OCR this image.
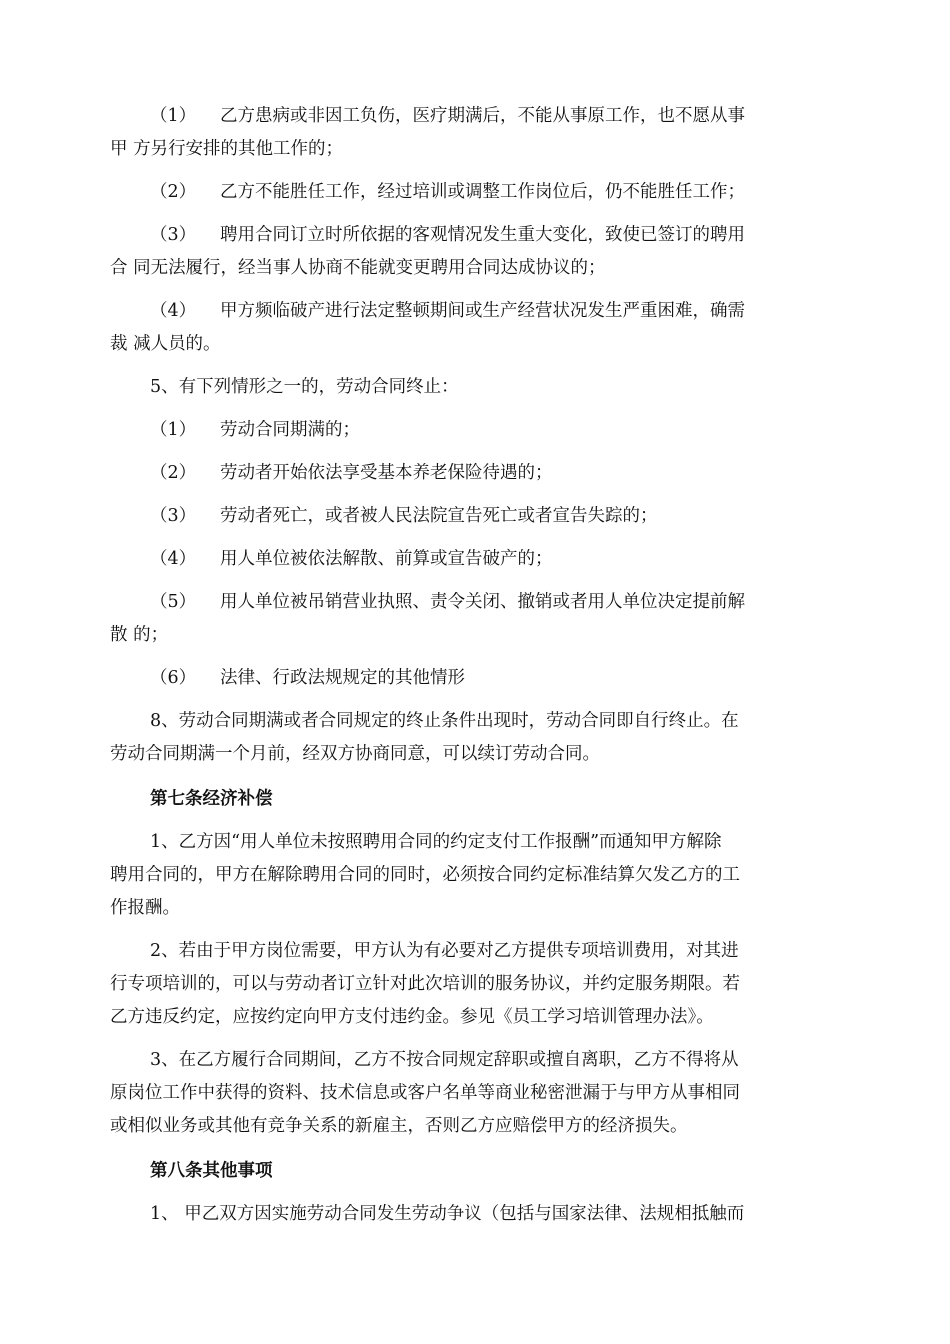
（1） 乙方患病或非因工负伤，医疗期满后，不能从事原工作，也不愿从事
甲 方另行安排的其他工作的；
（2） 乙方不能胜任工作，经过培训或调整工作岗位后，仍不能胜任工作；
（3） 聘用合同订立时所依据的客观情况发生重大变化，致使已签订的聘用
合 同无法履行，经当事人协商不能就变更聘用合同达成协议的；
（4） 甲方频临破产进行法定整顿期间或生产经营状况发生严重困难，确需
裁 减人员的。

5、有下列情形之一的，劳动合同终止：

（1） 劳动合同期满的；
（2） 劳动者开始依法享受基本养老保险待遇的；
（3） 劳动者死亡，或者被人民法院宣告死亡或者宣告失踪的；
（4） 用人单位被依法解散、前算或宣告破产的；
（5） 用人单位被吊销营业执照、责令关闭、撤销或者用人单位决定提前解
散 的；
（6） 法律、行政法规规定的其他情形
8、劳动合同期满或者合同规定的终止条件出现时，劳动合同即自行终止。在
劳动合同期满一个月前，经双方协商同意，可以续订劳动合同。

第七条经济补偿

1、乙方因“用人单位未按照聘用合同的约定支付工作报酬”而通知甲方解除
聘用合同的，甲方在解除聘用合同的同时，必须按合同约定标准结算欠发乙方的工
作报酬。
2、若由于甲方岗位需要，甲方认为有必要对乙方提供专项培训费用，对其进
行专项培训的，可以与劳动者订立针对此次培训的服务协议，并约定服务期限。若
乙方违反约定，应按约定向甲方支付违约金。参见《员工学习培训管理办法》。
3、在乙方履行合同期间，乙方不按合同规定辞职或擅自离职，乙方不得将从
原岗位工作中获得的资料、技术信息或客户名单等商业秘密泄漏于与甲方从事相同
或相似业务或其他有竞争关系的新雇主，否则乙方应赔偿甲方的经济损失。

第八条其他事项

1、 甲乙双方因实施劳动合同发生劳动争议（包括与国家法律、法规相抵触而
